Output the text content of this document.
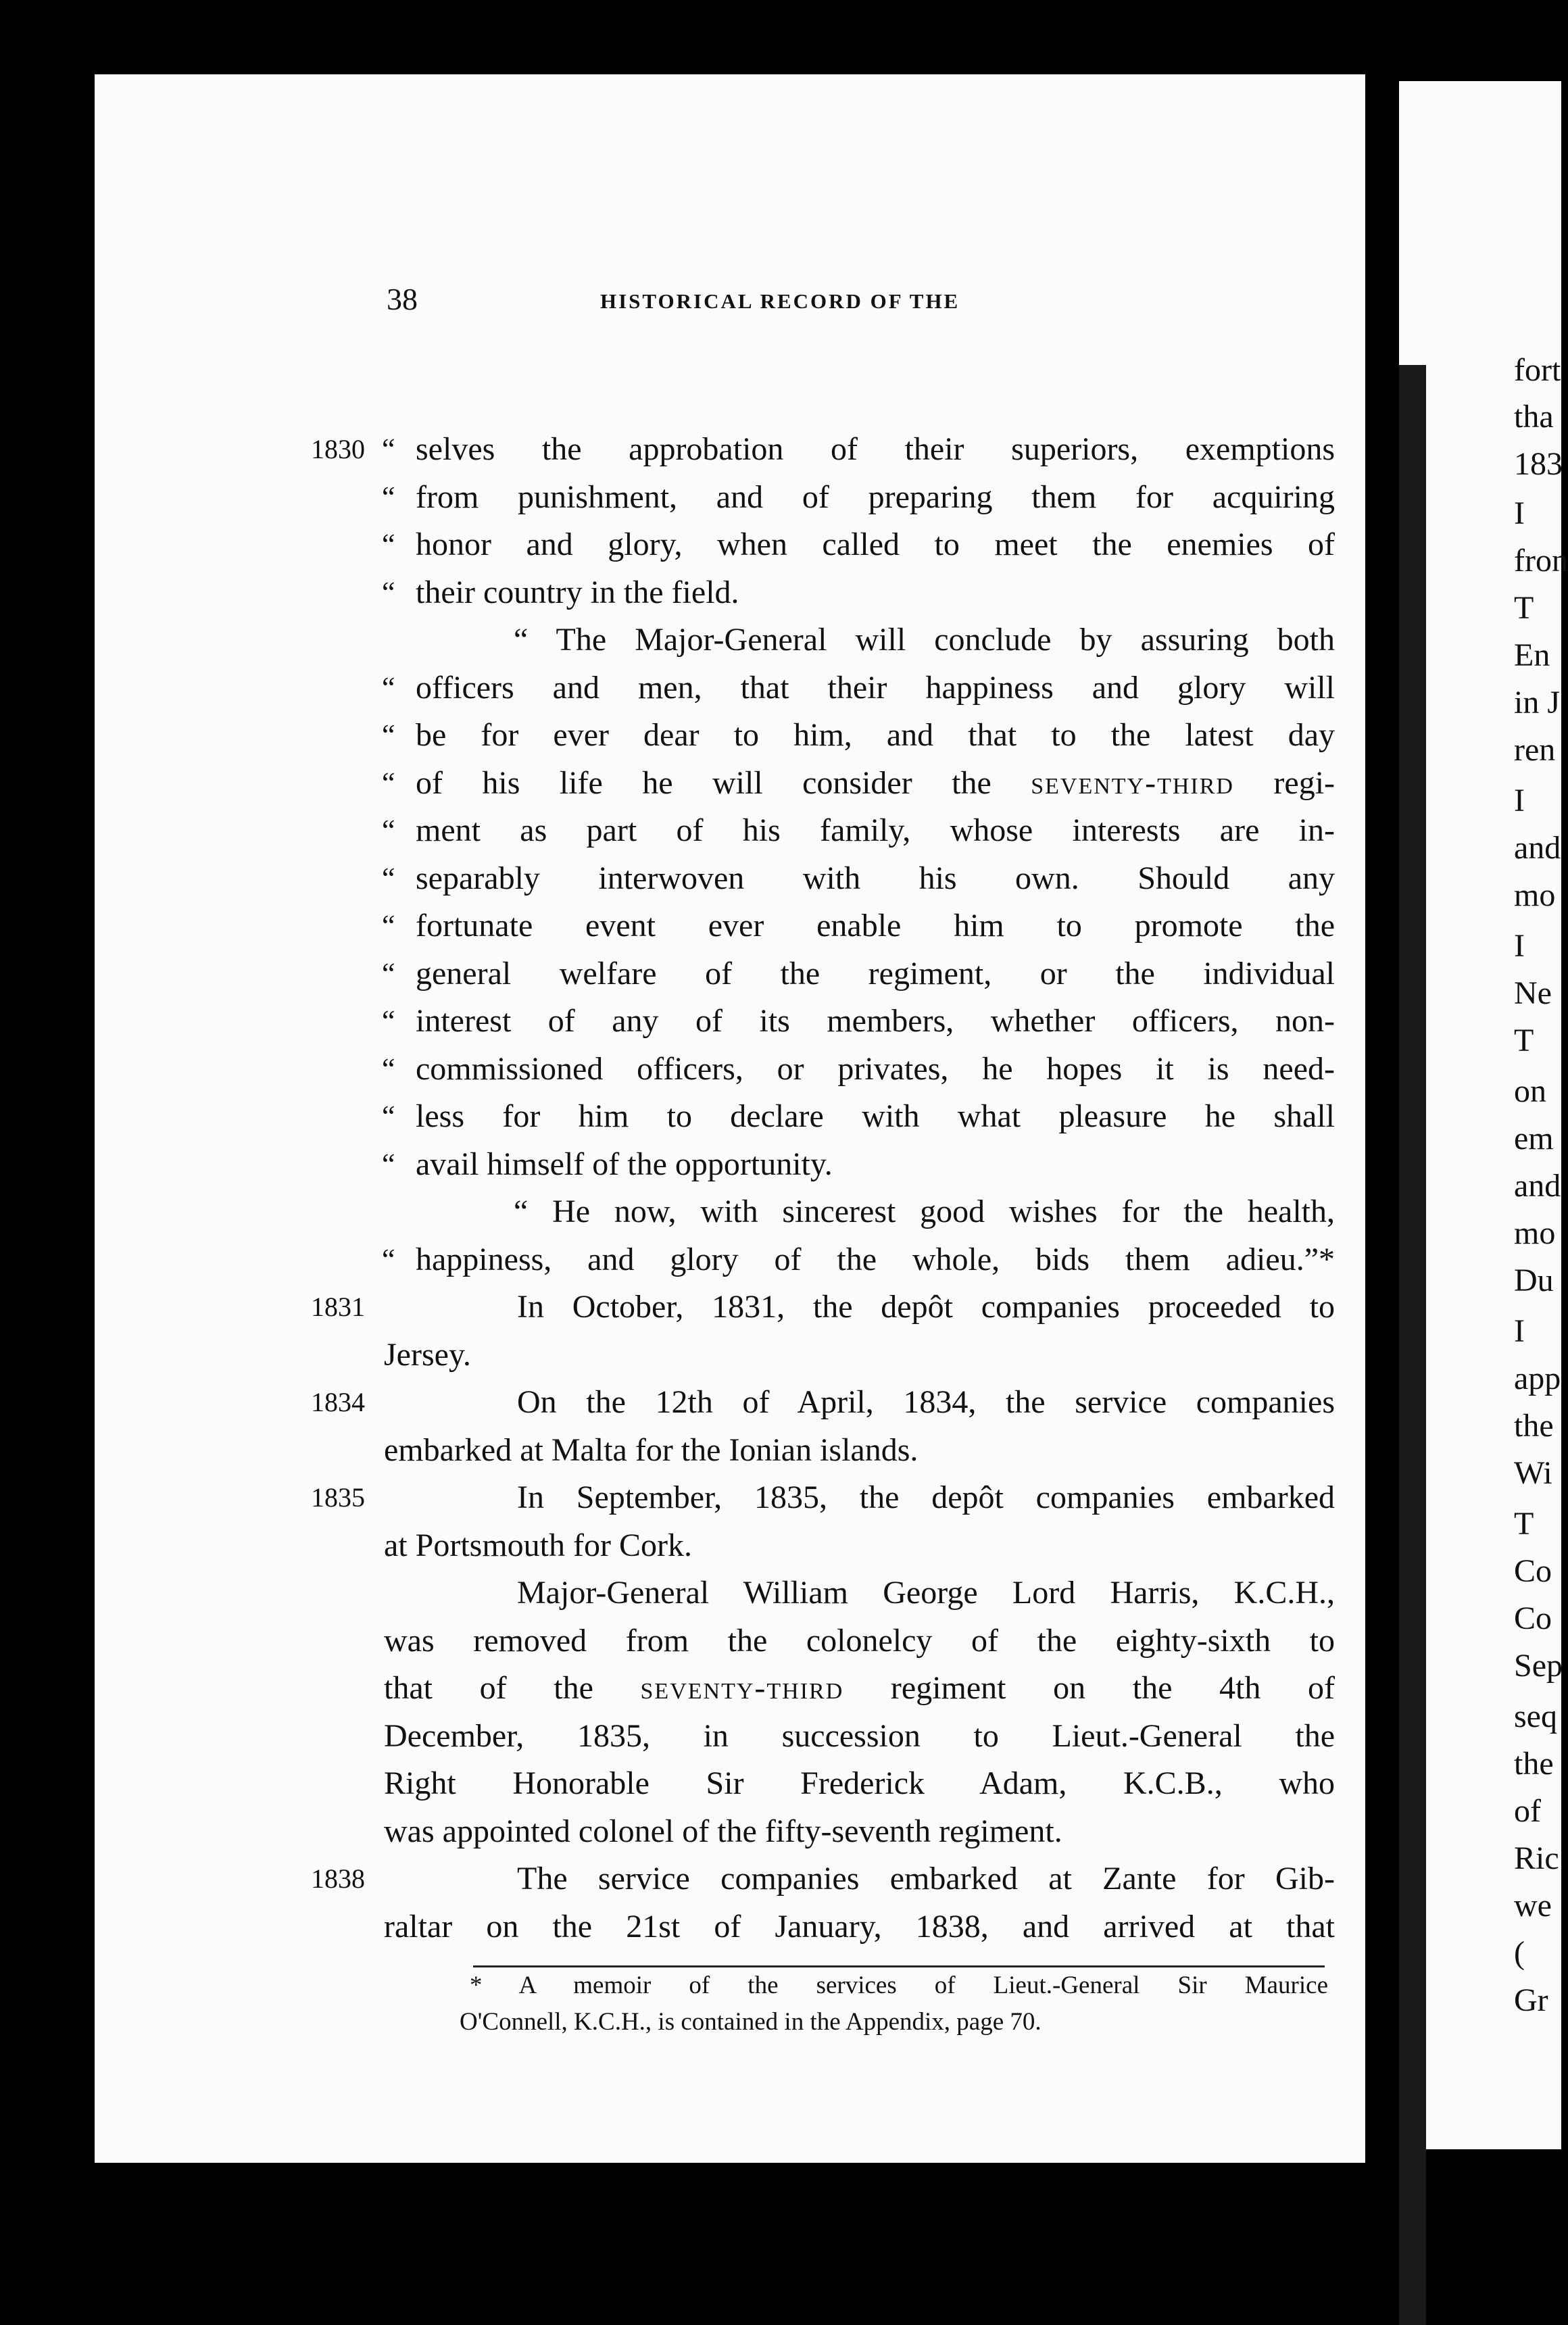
38	HISTORICAL RECORD OF THE
1830 “ selves the approbation of their superiors, exemptions
“ from punishment, and of preparing them for acquiring
“ honor and glory, when called to meet the enemies of
“ their country in the field.
“ The Major-General will conclude by assuring both
“ officers and men, that their happiness and glory will
“ be for ever dear to him, and that to the latest day
“ of his life he will consider the seventy-third regi-
“ ment as part of his family, whose interests are in-
“ separably interwoven with his own. Should any
“ fortunate event ever enable him to promote the
“ general welfare of the regiment, or the individual
“ interest of any of its members, whether officers, non-
“ commissioned officers, or privates, he hopes it is need-
“ less for him to declare with what pleasure he shall
“ avail himself of the opportunity.
“ He now, with sincerest good wishes for the health,
“ happiness, and glory of the whole, bids them adieu.”*
1831	In October, 1831, the depôt companies proceeded to
Jersey.
1834	On the 12th of April, 1834, the service companies
embarked at Malta for the Ionian islands.
1835	In September, 1835, the depôt companies embarked
at Portsmouth for Cork.
Major-General William George Lord Harris, K.C.H.,
was removed from the colonelcy of the eighty-sixth to
that of the seventy-third regiment on the 4th of
December, 1835, in succession to Lieut.-General the
Right Honorable Sir Frederick Adam, K.C.B., who
was appointed colonel of the fifty-seventh regiment.
1838	The service companies embarked at Zante for Gib-
raltar on the 21st of January, 1838, and arrived at that
* A memoir of the services of Lieut.-General Sir Maurice
O'Connell, K.C.H., is contained in the Appendix, page 70.
fort
tha
183
I
fron
T
En
in J
ren
I
and
mo
I
Ne
T
on
em
and
mo
Du
I
app
the
Wi
T
Co
Co
Sep
seq
the
of
Ric
we
(
Gr
